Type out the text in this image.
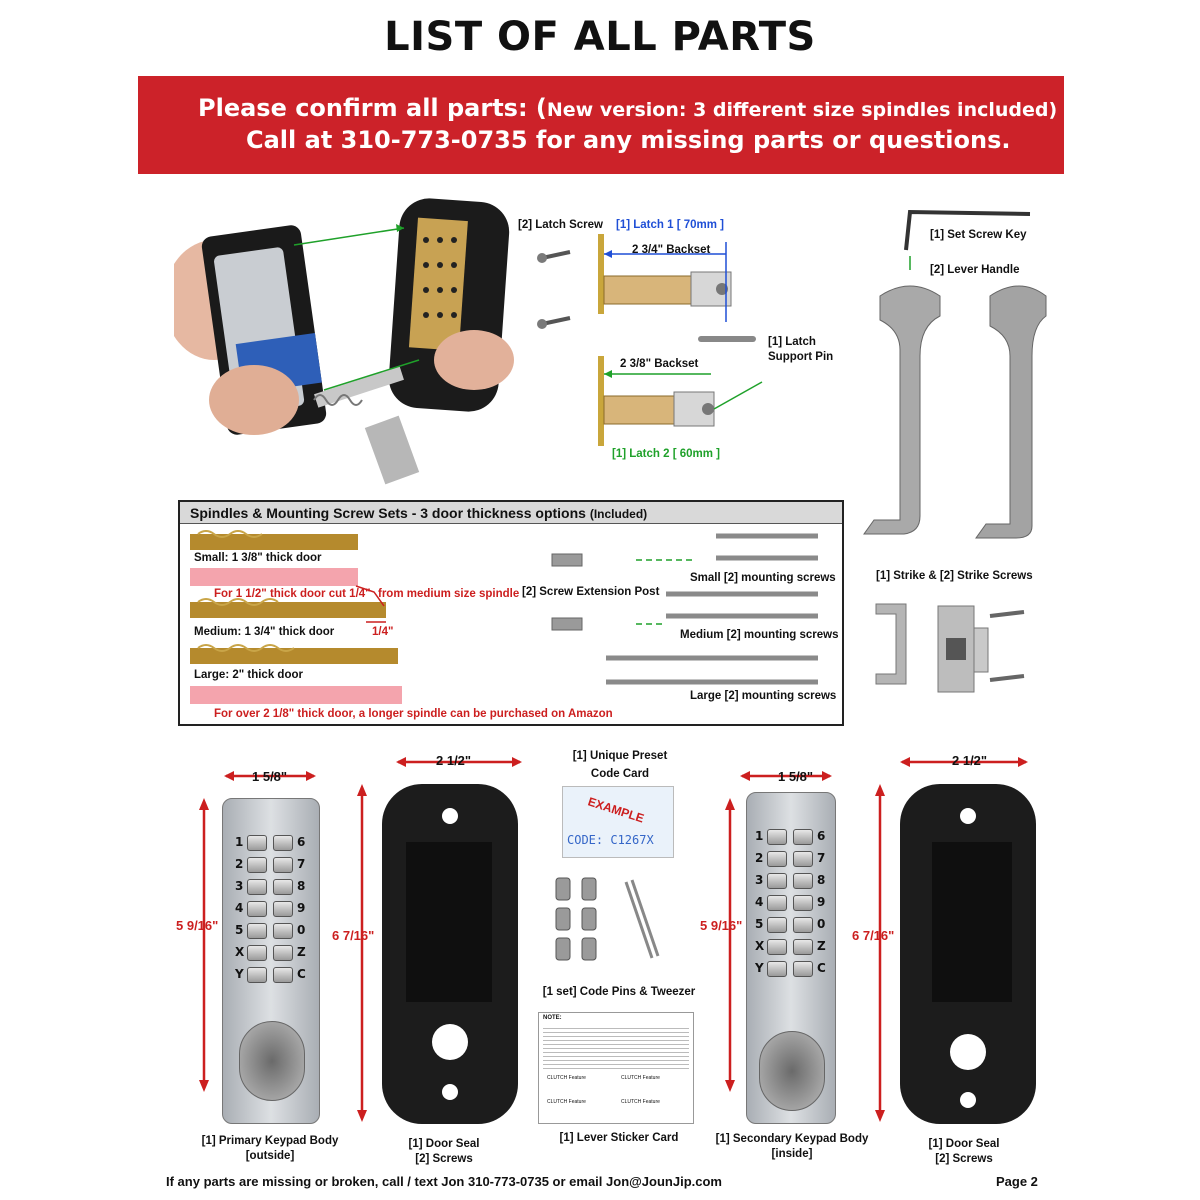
LIST OF ALL PARTS
Please confirm all parts: (New version: 3 different size spindles included)
Call at 310-773-0735 for any missing parts or questions.
[2] Latch Screw [1] Latch 1 [ 70mm ]
2 3/4" Backset
[1] Latch
Support Pin
2 3/8" Backset
[1] Latch 2 [ 60mm ]
[1] Set Screw Key
[2] Lever Handle
[1] Strike & [2] Strike Screws
Spindles & Mounting Screw Sets - 3 door thickness options (Included)
Small: 1 3/8" thick door
For 1 1/2" thick door cut 1/4" from medium size spindle
Medium: 1 3/4" thick door	1/4"
Large: 2" thick door
For over 2 1/8" thick door, a longer spindle can be purchased on Amazon
[2] Screw Extension Post
Small [2] mounting screws
Medium [2] mounting screws
Large [2] mounting screws
1 5/8"
5 9/16"
1	6
2	7
3	8
4	9
5	0
X	Z
Y	C
2 1/2"
6 7/16"
[1] Unique Preset
Code Card
EXAMPLE
CODE: C1267X
[1 set] Code Pins & Tweezer
NOTE:
CLUTCH Feature	CLUTCH Feature
CLUTCH Feature	CLUTCH Feature
1 5/8"
5 9/16"
1	6
2	7
3	8
4	9
5	0
X	Z
Y	C
2 1/2"
6 7/16"
[1] Primary Keypad Body
[outside]
[1] Door Seal
[2] Screws
[1] Lever Sticker Card	[1] Secondary Keypad Body
[inside]
[1] Door Seal
[2] Screws
If any parts are missing or broken, call / text Jon 310-773-0735 or email Jon@JounJip.com	Page 2
